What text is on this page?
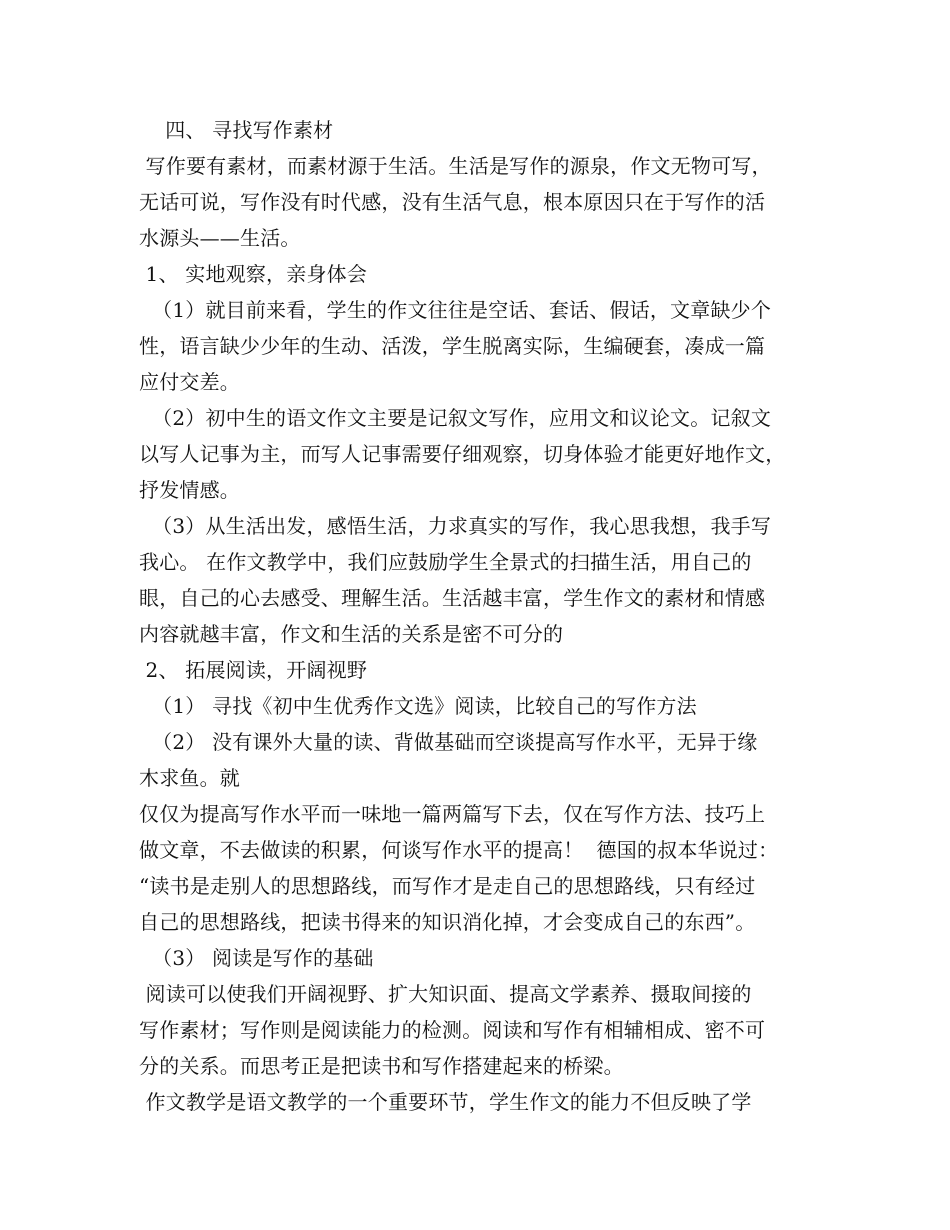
四、 寻找写作素材
写作要有素材，而素材源于生活。生活是写作的源泉，作文无物可写，
无话可说，写作没有时代感，没有生活气息，根本原因只在于写作的活
水源头——生活。
1、 实地观察，亲身体会
（1）就目前来看，学生的作文往往是空话、套话、假话，文章缺少个
性，语言缺少少年的生动、活泼，学生脱离实际，生编硬套，凑成一篇
应付交差。
（2）初中生的语文作文主要是记叙文写作，应用文和议论文。记叙文
以写人记事为主，而写人记事需要仔细观察，切身体验才能更好地作文，
抒发情感。
（3）从生活出发，感悟生活，力求真实的写作，我心思我想，我手写
我心。 在作文教学中，我们应鼓励学生全景式的扫描生活，用自己的
眼，自己的心去感受、理解生活。生活越丰富，学生作文的素材和情感
内容就越丰富，作文和生活的关系是密不可分的
2、 拓展阅读，开阔视野
（1） 寻找《初中生优秀作文选》阅读，比较自己的写作方法
（2） 没有课外大量的读、背做基础而空谈提高写作水平，无异于缘
木求鱼。就
仅仅为提高写作水平而一味地一篇两篇写下去，仅在写作方法、技巧上
做文章，不去做读的积累，何谈写作水平的提高！  德国的叔本华说过：
“读书是走别人的思想路线，而写作才是走自己的思想路线，只有经过
自己的思想路线，把读书得来的知识消化掉，才会变成自己的东西”。
（3） 阅读是写作的基础
阅读可以使我们开阔视野、扩大知识面、提高文学素养、摄取间接的
写作素材；写作则是阅读能力的检测。阅读和写作有相辅相成、密不可
分的关系。而思考正是把读书和写作搭建起来的桥梁。
作文教学是语文教学的一个重要环节，学生作文的能力不但反映了学
